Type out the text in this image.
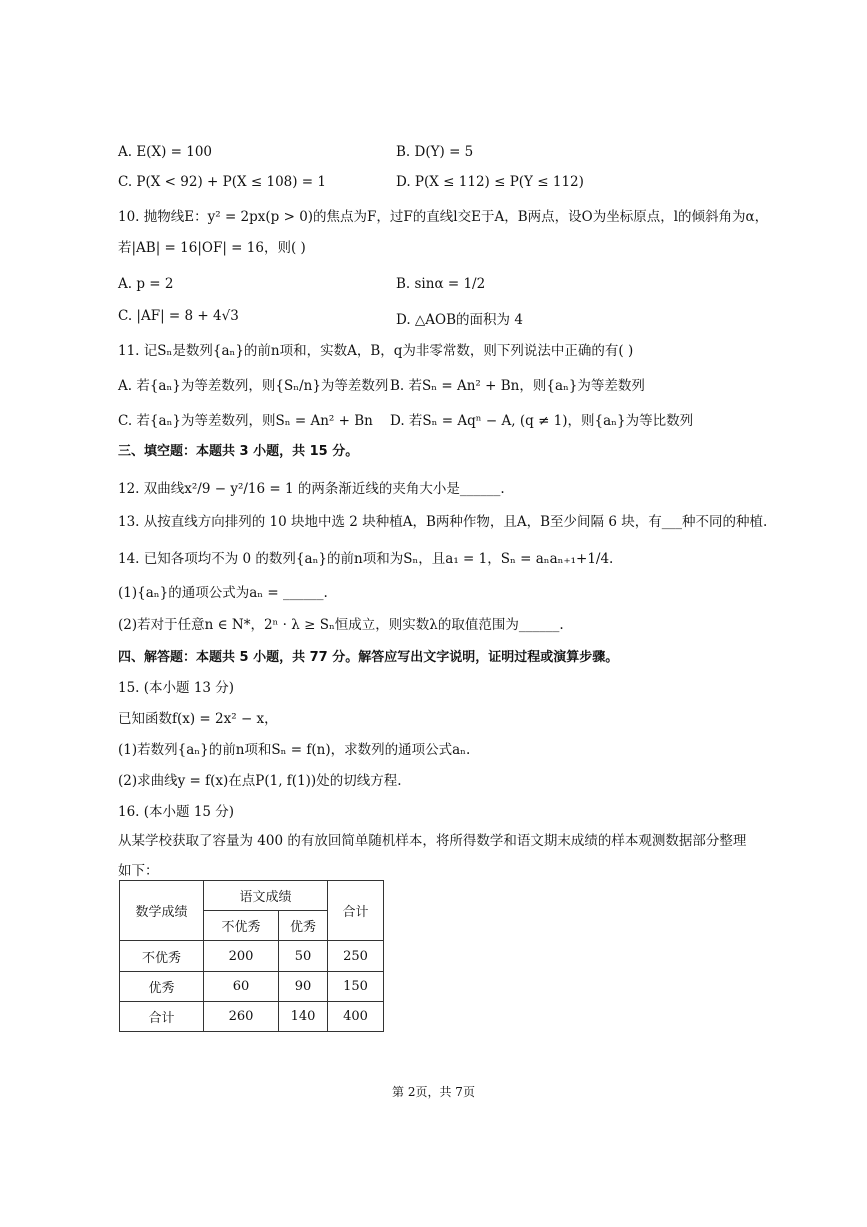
A. E(X) = 100	B. D(Y) = 5
C. P(X < 92) + P(X ≤ 108) = 1	D. P(X ≤ 112) ≤ P(Y ≤ 112)
10. 抛物线E：y² = 2px(p > 0)的焦点为F，过F的直线l交E于A，B两点，设O为坐标原点，l的倾斜角为α，
若|AB| = 16|OF| = 16，则( )
A. p = 2	B. sinα = 1/2
C. |AF| = 8 + 4√3	D. △AOB的面积为 4
11. 记Sₙ是数列{aₙ}的前n项和，实数A，B，q为非零常数，则下列说法中正确的有( )
A. 若{aₙ}为等差数列，则{Sₙ/n}为等差数列 B. 若Sₙ = An² + Bn，则{aₙ}为等差数列
C. 若{aₙ}为等差数列，则Sₙ = An² + Bn D. 若Sₙ = Aqⁿ − A, (q ≠ 1)，则{aₙ}为等比数列
三、填空题：本题共 3 小题，共 15 分。
12. 双曲线x²/9 − y²/16 = 1 的两条渐近线的夹角大小是______.
13. 从按直线方向排列的 10 块地中选 2 块种植A，B两种作物，且A，B至少间隔 6 块，有___种不同的种植.
14. 已知各项均不为 0 的数列{aₙ}的前n项和为Sₙ，且a₁ = 1，Sₙ = aₙaₙ₊₁+1/4.
(1){aₙ}的通项公式为aₙ = ______.
(2)若对于任意n ∈ N*，2ⁿ · λ ≥ Sₙ恒成立，则实数λ的取值范围为______.
四、解答题：本题共 5 小题，共 77 分。解答应写出文字说明，证明过程或演算步骤。
15. (本小题 13 分)
已知函数f(x) = 2x² − x，
(1)若数列{aₙ}的前n项和Sₙ = f(n)，求数列的通项公式aₙ.
(2)求曲线y = f(x)在点P(1, f(1))处的切线方程.
16. (本小题 15 分)
从某学校获取了容量为 400 的有放回简单随机样本，将所得数学和语文期末成绩的样本观测数据部分整理
如下：
数学成绩	语文成绩		合计
	不优秀	优秀	
不优秀	200	50	250
优秀	60	90	150
合计	260	140	400
第 2页，共 7页
